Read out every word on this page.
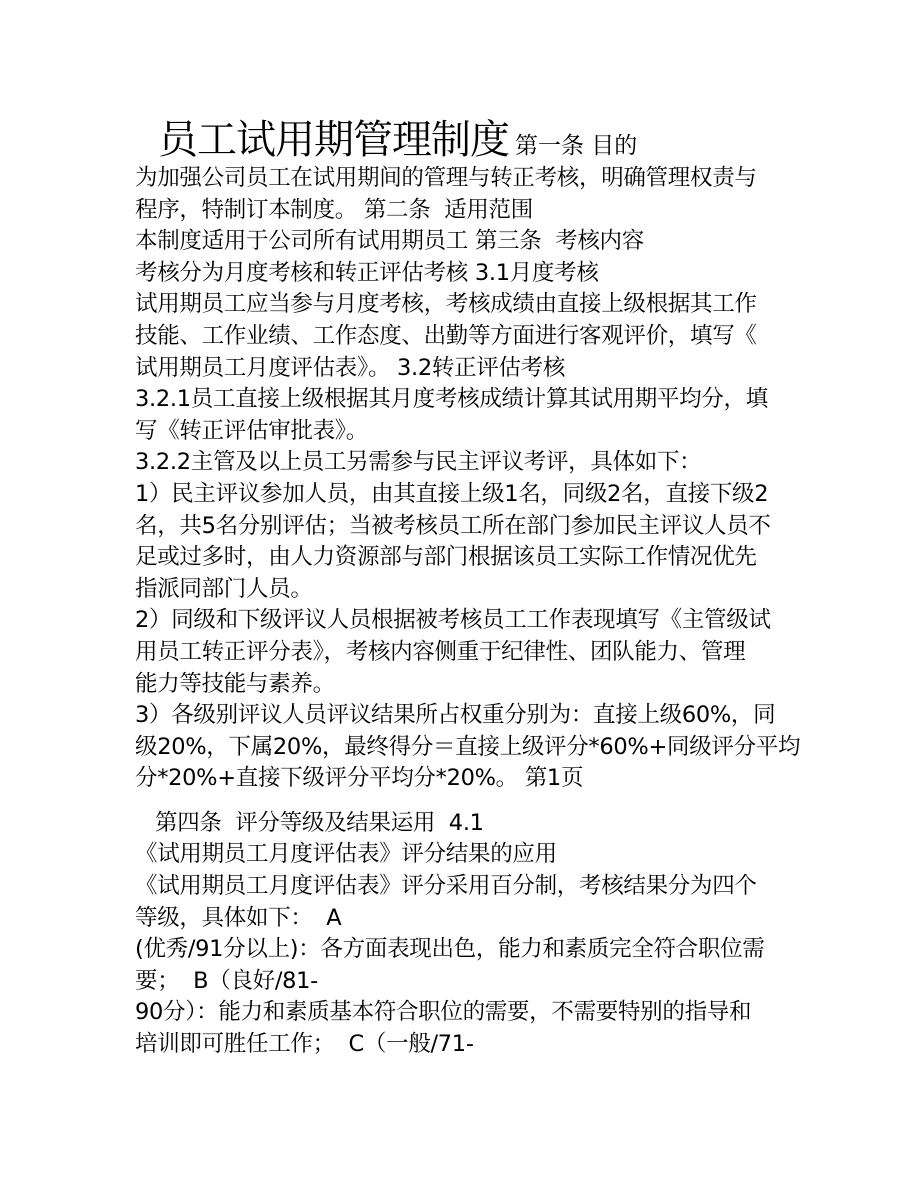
员工试用期管理制度 第一条 目的
为加强公司员工在试用期间的管理与转正考核，明确管理权责与
程序，特制订本制度。 第二条  适用范围
本制度适用于公司所有试用期员工 第三条  考核内容
考核分为月度考核和转正评估考核 3.1月度考核
试用期员工应当参与月度考核，考核成绩由直接上级根据其工作
技能、工作业绩、工作态度、出勤等方面进行客观评价，填写《
试用期员工月度评估表》。 3.2转正评估考核
3.2.1员工直接上级根据其月度考核成绩计算其试用期平均分，填
写《转正评估审批表》。
3.2.2主管及以上员工另需参与民主评议考评，具体如下：
1）民主评议参加人员，由其直接上级1名，同级2名，直接下级2
名，共5名分别评估；当被考核员工所在部门参加民主评议人员不
足或过多时，由人力资源部与部门根据该员工实际工作情况优先
指派同部门人员。
2）同级和下级评议人员根据被考核员工工作表现填写《主管级试
用员工转正评分表》，考核内容侧重于纪律性、团队能力、管理
能力等技能与素养。
3）各级别评议人员评议结果所占权重分别为：直接上级60%，同
级20%，下属20%，最终得分＝直接上级评分*60%+同级评分平均
分*20%+直接下级评分平均分*20%。 第1页
第四条  评分等级及结果运用  4.1
《试用期员工月度评估表》评分结果的应用
《试用期员工月度评估表》评分采用百分制，考核结果分为四个
等级，具体如下：  A
(优秀/91分以上)：各方面表现出色，能力和素质完全符合职位需
要；  B（良好/81-
90分）：能力和素质基本符合职位的需要，不需要特别的指导和
培训即可胜任工作；  C（一般/71-
